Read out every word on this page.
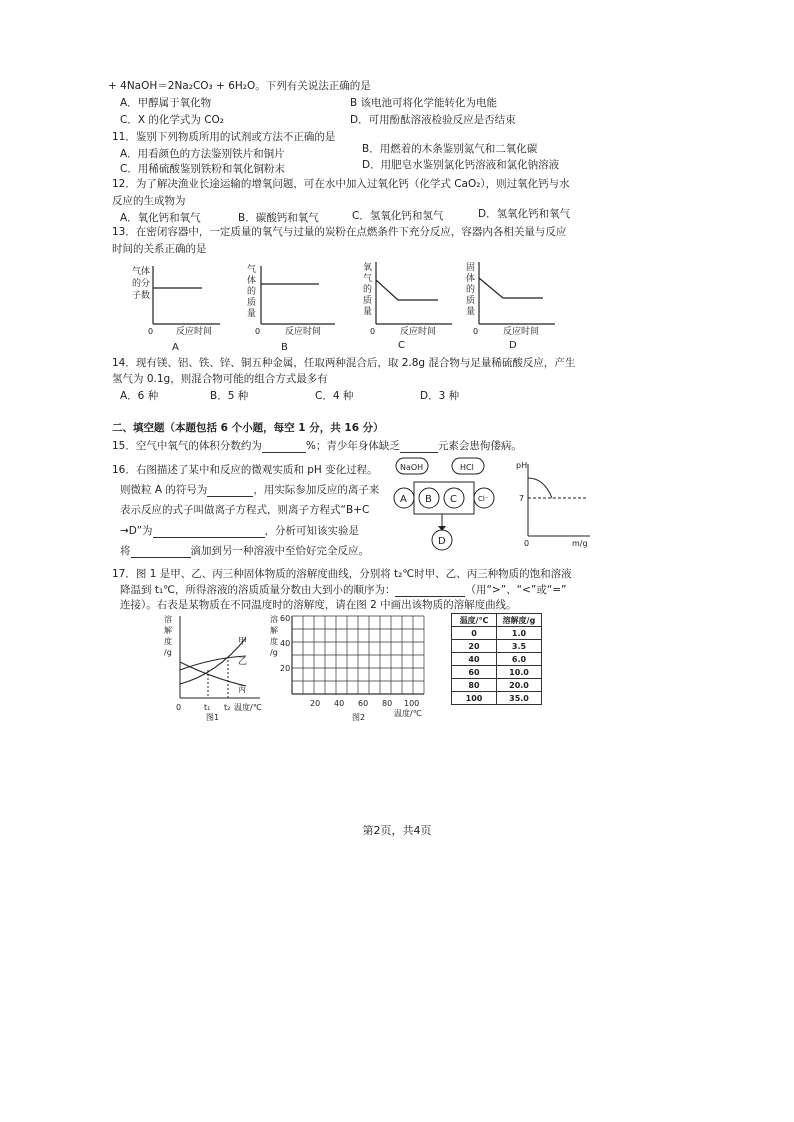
+ 4NaOH＝2Na₂CO₃ + 6H₂O。下列有关说法正确的是
A．甲醇属于氧化物	B 该电池可将化学能转化为电能
C．X 的化学式为 CO₂	D．可用酚酞溶液检验反应是否结束
11．鉴别下列物质所用的试剂或方法不正确的是
A．用看颜色的方法鉴别铁片和铜片	B．用燃着的木条鉴别氮气和二氧化碳
C．用稀硫酸鉴别铁粉和氧化铜粉末	D．用肥皂水鉴别氯化钙溶液和氯化钠溶液
12．为了解决渔业长途运输的增氧问题，可在水中加入过氧化钙（化学式 CaO₂），则过氧化钙与水
反应的生成物为
A．氧化钙和氧气	B．碳酸钙和氧气	C．氢氧化钙和氢气	D．氢氧化钙和氧气
13．在密闭容器中，一定质量的氧气与过量的炭粉在点燃条件下充分反应，容器内各相关量与反应
时间的关系正确的是
气体
的分
子数
0	反应时间
A
气
体
的
质
量
0	反应时间
B
氧
气
的
质
量
0	反应时间
C
固
体
的
质
量
0	反应时间
D
14．现有镁、铝、铁、锌、铜五种金属，任取两种混合后，取 2.8g 混合物与足量稀硫酸反应，产生
氢气为 0.1g，则混合物可能的组合方式最多有
A．6 种	B．5 种	C．4 种	D．3 种
二、填空题（本题包括 6 个小题，每空 1 分，共 16 分）
15．空气中氧气的体积分数约为	%；青少年身体缺乏	元素会患佝偻病。
16．右图描述了某中和反应的微观实质和 pH 变化过程。
则微粒 A 的符号为	，用实际参加反应的离子来
表示反应的式子叫做离子方程式，则离子方程式“B+C
→D”为	，分析可知该实验是
将	滴加到另一种溶液中至恰好完全反应。
NaOH	HCl
A B C	Cl⁻
D
pH
7
0	m/g
17．图 1 是甲、乙、丙三种固体物质的溶解度曲线，分别将 t₂℃时甲、乙、丙三种物质的饱和溶液
降温到 t₁℃，所得溶液的溶质质量分数由大到小的顺序为：	（用“>”、“<”或“=”
连接）。右表是某物质在不同温度时的溶解度，请在图 2 中画出该物质的溶解度曲线。
溶
解
度
/g
甲
乙
丙
0	t₁ t₂ 温度/℃
图1
溶
解
度
/g
60
40
20
20 40 60 80 100
温度/℃
图2
温度/℃	溶解度/g
0	1.0
20	3.5
40	6.0
60	10.0
80	20.0
100	35.0
第2页，共4页
